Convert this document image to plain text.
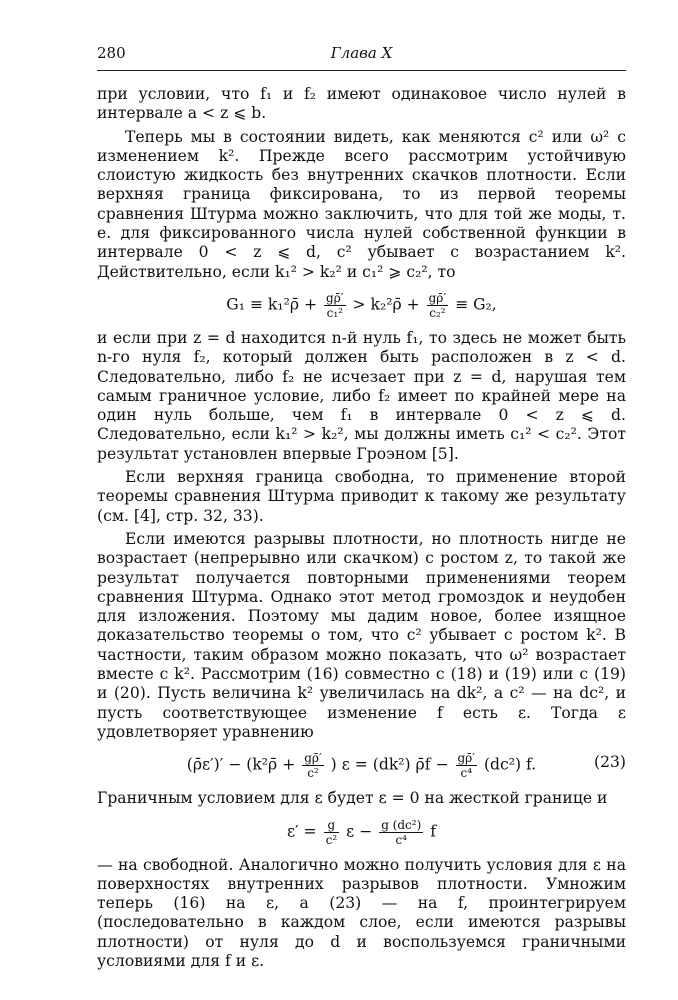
280	Глава X

при условии, что f₁ и f₂ имеют одинаковое число нулей в интервале a < z ⩽ b.

Теперь мы в состоянии видеть, как меняются c² или ω² с изменением k². Прежде всего рассмотрим устойчивую слоистую жидкость без внутренних скачков плотности. Если верхняя граница фиксирована, то из первой теоремы сравнения Штурма можно заключить, что для той же моды, т. е. для фиксированного числа нулей собственной функции в интервале 0 < z ⩽ d, c² убывает с возрастанием k². Действительно, если k₁² > k₂² и c₁² ⩾ c₂², то

G₁ ≡ k₁²ρ̄ + $\frac{g\rhō'}{\text{c₁²}}$ > k₂²ρ̄ + $\frac{g\rhō'}{\text{c₂²}} \equiv G_2$,

и если при z = d находится n-й нуль f₁, то здесь не может быть n-го нуля f₂, который должен быть расположен в z < d. Следовательно, либо f₂ не исчезает при z = d, нарушая тем самым граничное условие, либо f₂ имеет по крайней мере на один нуль больше, чем f₁ в интервале 0 < z ⩽ d. Следовательно, если k₁² > k₂², мы должны иметь c₁² < c₂². Этот результат установлен впервые Гроэном [5].

Если верхняя граница свободна, то применение второй теоремы сравнения Штурма приводит к такому же результату (см. [4], стр. 32, 33).

Если имеются разрывы плотности, но плотность нигде не возрастает (непрерывно или скачком) с ростом z, то такой же результат получается повторными применениями теорем сравнения Штурма. Однако этот метод громоздок и неудобен для изложения. Поэтому мы дадим новое, более изящное доказательство теоремы о том, что c² убывает с ростом k². В частности, таким образом можно показать, что ω² возрастает вместе с k². Рассмотрим (16) совместно с (18) и (19) или с (19) и (20). Пусть величина k² увеличилась на dk², а c² — на dc², и пусть соответствующее изменение f есть ε. Тогда ε удовлетворяет уравнению

(ρ̄ε′)′ − (k²ρ̄ + $\frac{g\rhō'}{\text{c²}}$ ) ε = (dk²) ρ̄f − $\frac{g\rhō'}{\text{c⁴}} (dc^2)$ f.	(23)

Граничным условием для ε будет ε = 0 на жесткой границе и

$\varepsilon' = \frac{g}{\text{c²}}$ $\varepsilon - \frac{\text{g (dc²)}}{\text{c⁴}}$ f

— на свободной. Аналогично можно получить условия для ε на поверхностях внутренних разрывов плотности. Умножим теперь (16) на ε, а (23) — на f, проинтегрируем (последовательно в каждом слое, если имеются разрывы плотности) от нуля до d и воспользуемся граничными условиями для f и ε.
